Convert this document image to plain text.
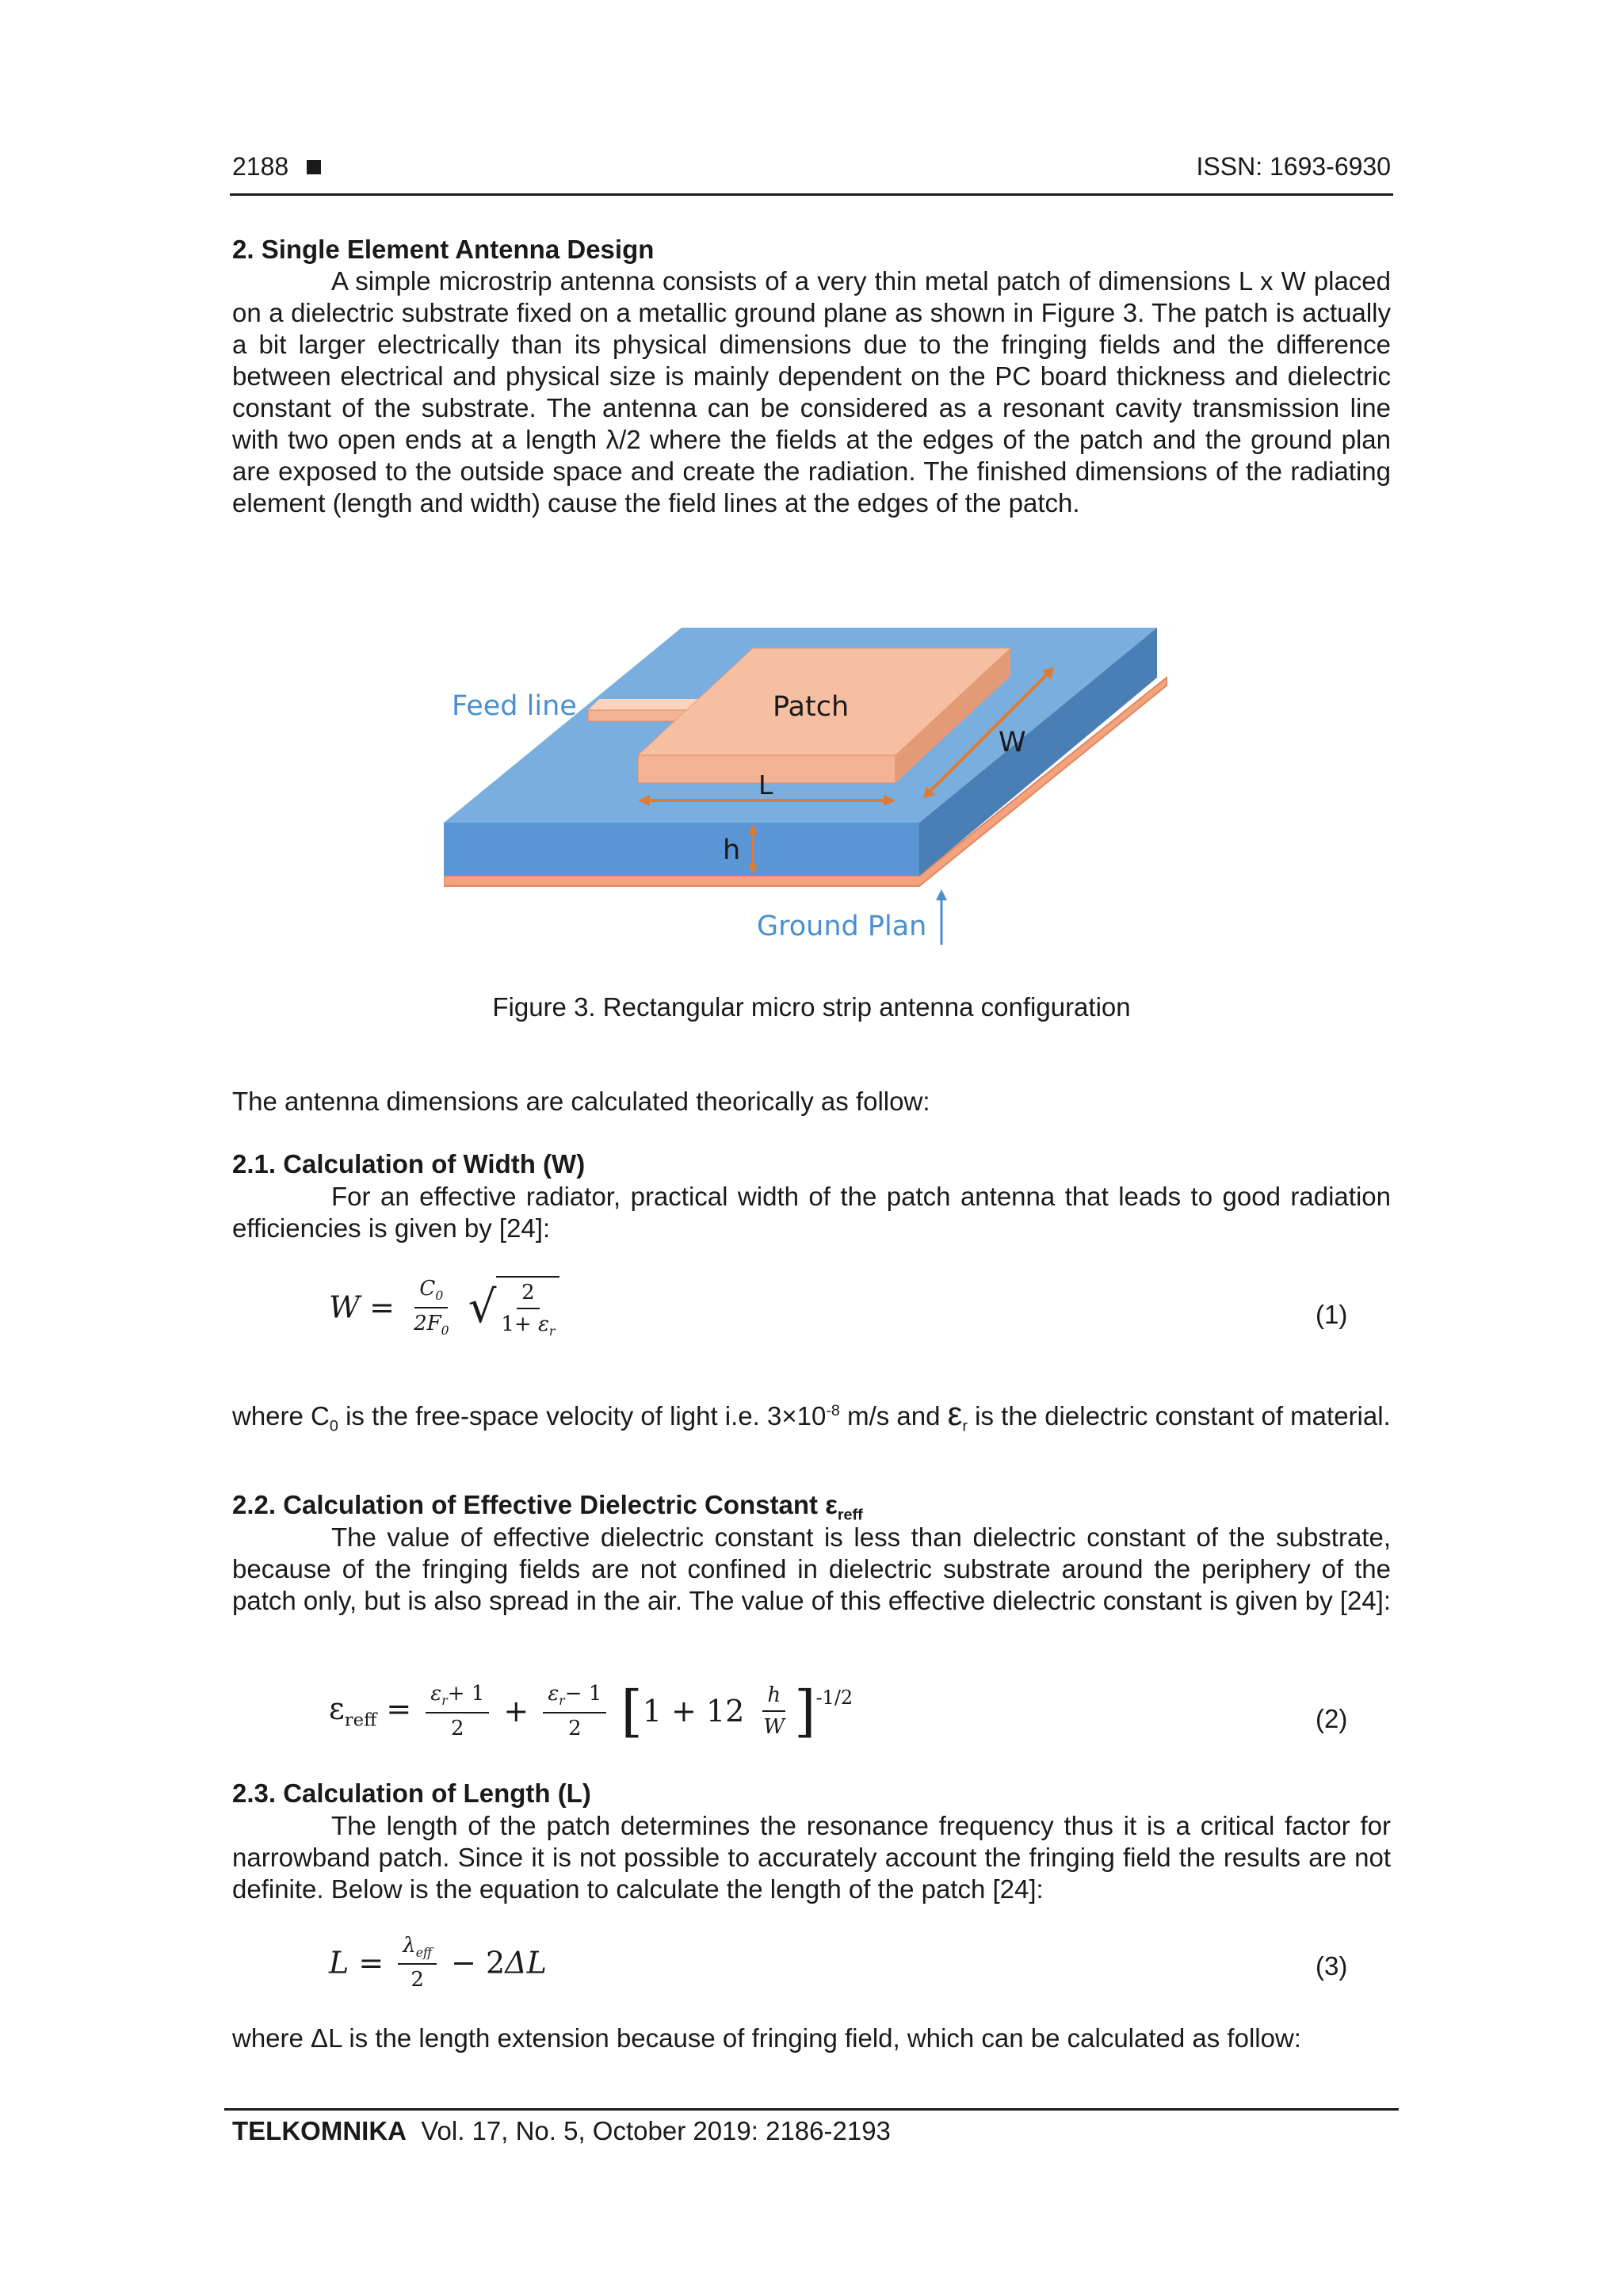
2188	ISSN: 1693-6930
2. Single Element Antenna Design
A simple microstrip antenna consists of a very thin metal patch of dimensions L x W placed on a dielectric substrate fixed on a metallic ground plane as shown in Figure 3. The patch is actually a bit larger electrically than its physical dimensions due to the fringing fields and the difference between electrical and physical size is mainly dependent on the PC board thickness and dielectric constant of the substrate. The antenna can be considered as a resonant cavity transmission line with two open ends at a length λ/2 where the fields at the edges of the patch and the ground plan are exposed to the outside space and create the radiation. The finished dimensions of the radiating element (length and width) cause the field lines at the edges of the patch.
Feed line	Patch
W
L
h
Ground Plan
Figure 3. Rectangular micro strip antenna configuration
The antenna dimensions are calculated theorically as follow:
2.1. Calculation of Width (W)
For an effective radiator, practical width of the patch antenna that leads to good radiation efficiencies is given by [24]:
$W = \frac{C_0}{2F_0}$ √ $\frac{2}{1+ \varepsilon_r}$	(1)
where $C_0$ is the free-space velocity of light i.e. $3\times 10^{-8}$ m/s and $\varepsilon_r$ is the dielectric constant of material.
2.2. Calculation of Effective Dielectric Constant $\varepsilon_{reff}$
The value of effective dielectric constant is less than dielectric constant of the substrate, because of the fringing fields are not confined in dielectric substrate around the periphery of the patch only, but is also spread in the air. The value of this effective dielectric constant is given by [24]:
$\varepsilon_{reff} = \frac{\varepsilon_r+ 1}{2} + \frac{\varepsilon_r- 1}{2} [1 + 12 \frac{h}{W} ]^{-1/2}$
(2)
2.3. Calculation of Length (L)
The length of the patch determines the resonance frequency thus it is a critical factor for narrowband patch. Since it is not possible to accurately account the fringing field the results are not definite. Below is the equation to calculate the length of the patch [24]:
$L = \frac{\lambda_{eff}}{2} - 2\Delta L$	(3)
where ΔL is the length extension because of fringing field, which can be calculated as follow:
TELKOMNIKA Vol. 17, No. 5, October 2019: 2186-2193
